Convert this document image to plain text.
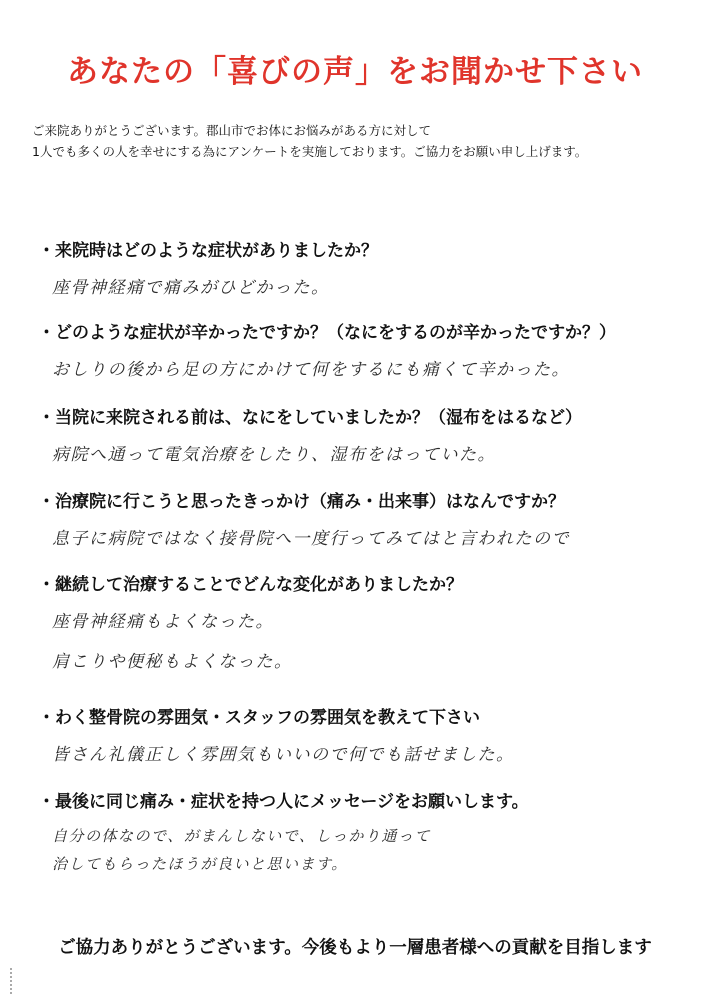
あなたの「喜びの声」をお聞かせ下さい
ご来院ありがとうございます。郡山市でお体にお悩みがある方に対して
1人でも多くの人を幸せにする為にアンケートを実施しております。ご協力をお願い申し上げます。
・来院時はどのような症状がありましたか？
座骨神経痛で痛みがひどかった。
・どのような症状が辛かったですか？（なにをするのが辛かったですか？）
おしりの後から足の方にかけて何をするにも痛くて辛かった。
・当院に来院される前は、なにをしていましたか？（湿布をはるなど）
病院へ通って電気治療をしたり、湿布をはっていた。
・治療院に行こうと思ったきっかけ（痛み・出来事）はなんですか？
息子に病院ではなく接骨院へ一度行ってみてはと言われたので
・継続して治療することでどんな変化がありましたか？
座骨神経痛もよくなった。
肩こりや便秘もよくなった。
・わく整骨院の雰囲気・スタッフの雰囲気を教えて下さい
皆さん礼儀正しく雰囲気もいいので何でも話せました。
・最後に同じ痛み・症状を持つ人にメッセージをお願いします。
自分の体なので、がまんしないで、しっかり通って
治してもらったほうが良いと思います。
ご協力ありがとうございます。今後もより一層患者様への貢献を目指します
